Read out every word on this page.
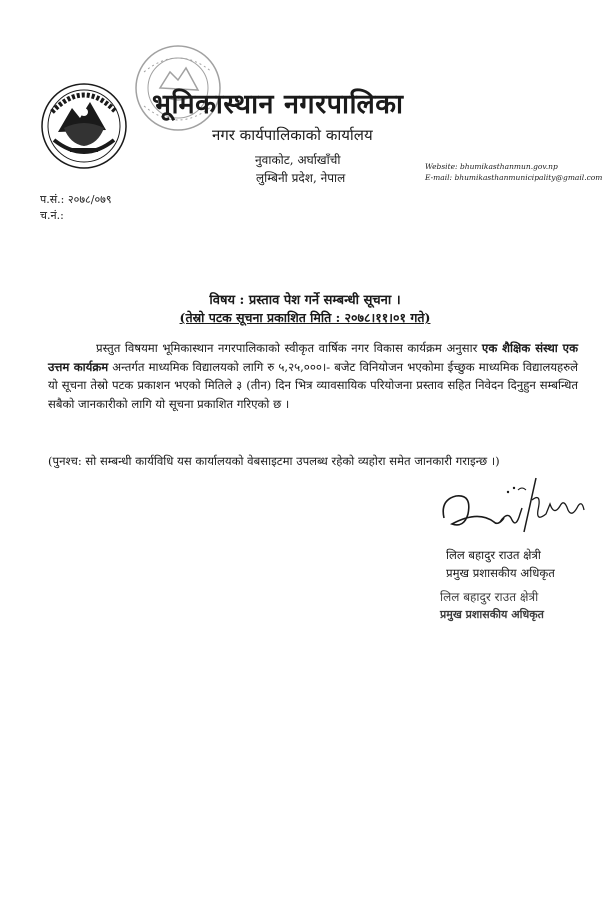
भूमिकास्थान नगरपालिका
नगर कार्यपालिकाको कार्यालय
नुवाकोट, अर्घाखाँची
लुम्बिनी प्रदेश, नेपाल
Website: bhumikasthanmun.gov.np
E-mail: bhumikasthanmunicipality@gmail.com
प.सं.: २०७८/०७९
च.नं.:
विषय : प्रस्ताव पेश गर्ने सम्बन्धी सूचना ।
(तेस्रो पटक सूचना प्रकाशित मिति : २०७८।११।०१ गते)
प्रस्तुत विषयमा भूमिकास्थान नगरपालिकाको स्वीकृत वार्षिक नगर विकास कार्यक्रम अनुसार एक शैक्षिक संस्था एक उत्तम कार्यक्रम अन्तर्गत माध्यमिक विद्यालयको लागि रु ५,२५,०००।- बजेट विनियोजन भएकोमा ईच्छुक माध्यमिक विद्यालयहरुले यो सूचना तेस्रो पटक प्रकाशन भएको मितिले ३ (तीन) दिन भित्र व्यावसायिक परियोजना प्रस्ताव सहित निवेदन दिनुहुन सम्बन्धित सबैको जानकारीको लागि यो सूचना प्रकाशित गरिएको छ ।
(पुनश्च: सो सम्बन्धी कार्यविधि यस कार्यालयको वेबसाइटमा उपलब्ध रहेको व्यहोरा समेत जानकारी गराइन्छ ।)
लिल बहादुर राउत क्षेत्री
प्रमुख प्रशासकीय अधिकृत
लिल बहादुर राउत क्षेत्री
प्रमुख प्रशासकीय अधिकृत
